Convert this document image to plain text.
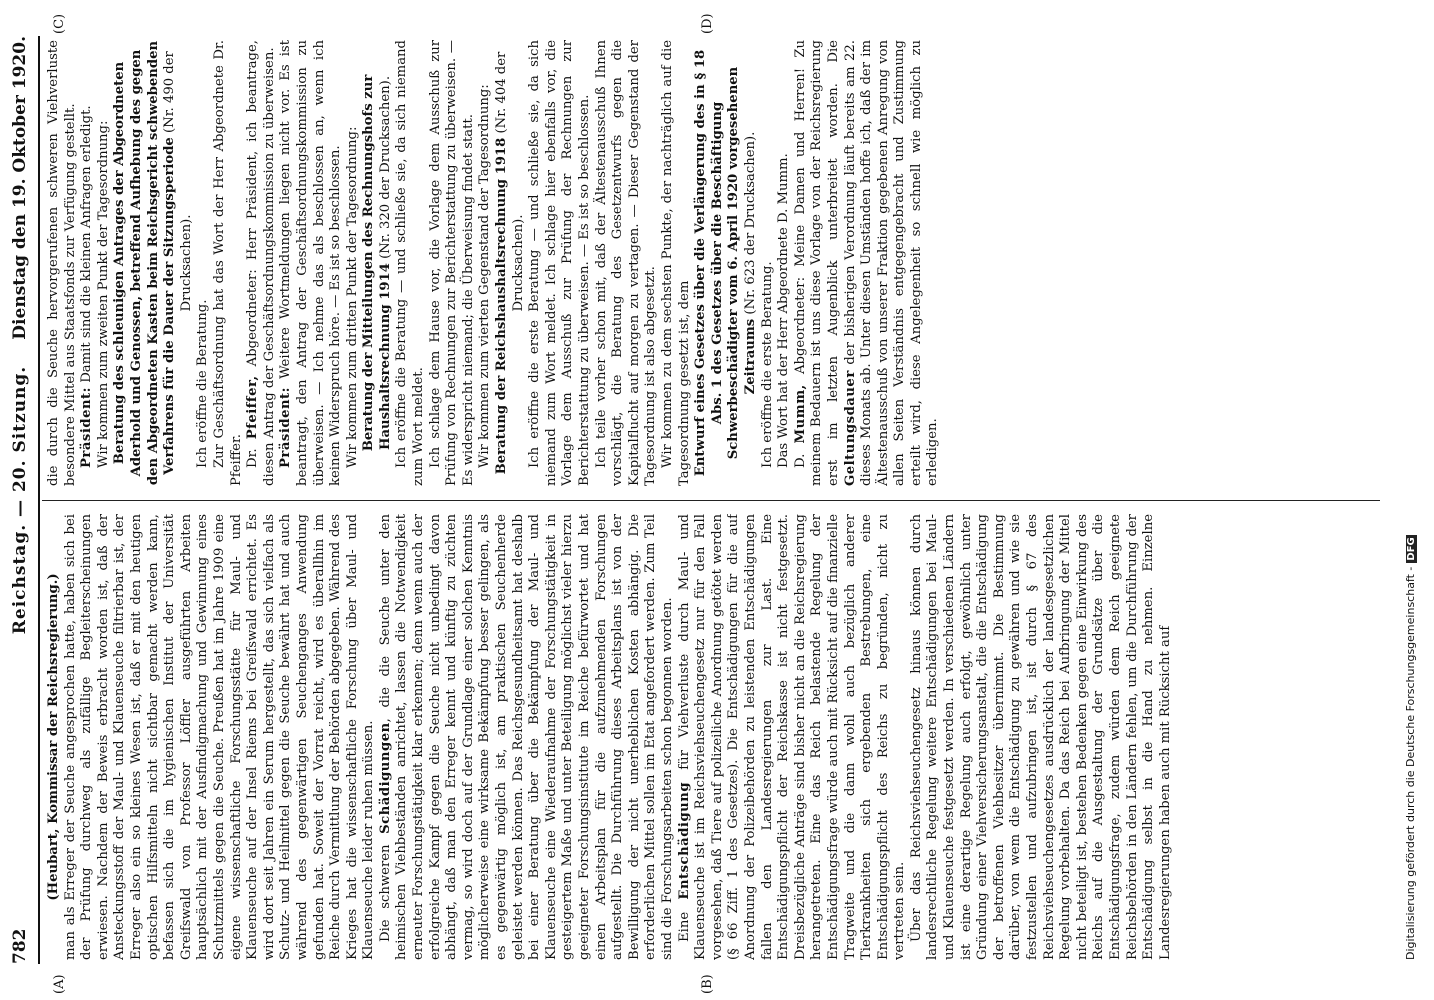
782
Reichstag. — 20. Sitzung.
Dienstag den 19. Oktober 1920.
(A)	(B)
(C)	(D)

(Heubart, Kommissar der Reichsregierung.) man als Erreger der Seuche angesprochen hatte, haben sich bei der Prüfung durchweg als zufällige Begleiterscheinungen erwiesen. Nachdem der Beweis erbracht worden ist, daß der Ansteckungsstoff der Maul- und Klauenseuche filtrierbar ist, der Erreger also ein so kleines Wesen ist, daß er mit den heutigen optischen Hilfsmitteln nicht sichtbar gemacht werden kann, befassen sich die im hygienischen Institut der Universität Greifswald von Professor Löffler ausgeführten Arbeiten hauptsächlich mit der Ausfindigmachung und Gewinnung eines Schutzmittels gegen die Seuche. Preußen hat im Jahre 1909 eine eigene wissenschaftliche Forschungsstätte für Maul- und Klauenseuche auf der Insel Riems bei Greifswald errichtet. Es wird dort seit Jahren ein Serum hergestellt, das sich vielfach als Schutz- und Heilmittel gegen die Seuche bewährt hat und auch während des gegenwärtigen Seuchenganges Anwendung gefunden hat. Soweit der Vorrat reicht, wird es überallhin im Reiche durch Vermittlung der Behörden abgegeben. Während des Krieges hat die wissenschaftliche Forschung über Maul- und Klauenseuche leider ruhen müssen. Die schweren Schädigungen, die die Seuche unter den heimischen Viehbeständen anrichtet, lassen die Notwendigkeit erneuter Forschungstätigkeit klar erkennen; denn wenn auch der erfolgreiche Kampf gegen die Seuche nicht unbedingt davon abhängt, daß man den Erreger kennt und künftig zu züchten vermag, so wird doch auf der Grundlage einer solchen Kenntnis möglicherweise eine wirksame Bekämpfung besser gelingen, als es gegenwärtig möglich ist, am praktischen Seuchenherde geleistet werden können. Das Reichsgesundheitsamt hat deshalb bei einer Beratung über die Bekämpfung der Maul- und Klauenseuche eine Wiederaufnahme der Forschungstätigkeit in gesteigertem Maße und unter Beteiligung möglichst vieler hierzu geeigneter Forschungsinstitute im Reiche befürwortet und hat einen Arbeitsplan für die aufzunehmenden Forschungen aufgestellt. Die Durchführung dieses Arbeitsplans ist von der Bewilligung der nicht unerheblichen Kosten abhängig. Die erforderlichen Mittel sollen im Etat angefordert werden. Zum Teil sind die Forschungsarbeiten schon begonnen worden. Eine Entschädigung für Viehverluste durch Maul- und Klauenseuche ist im Reichsviehseuchengesetz nur für den Fall vorgesehen, daß Tiere auf polizeiliche Anordnung getötet werden (§ 66 Ziff. 1 des Gesetzes). Die Entschädigungen für die auf Anordnung der Polizeibehörden zu leistenden Entschädigungen fallen den Landesregierungen zur Last. Eine Entschädigungspflicht der Reichskasse ist nicht festgesetzt. Dreisbezügliche Anträge sind bisher nicht an die Reichsregierung herangetreten. Eine das Reich belastende Regelung der Entschädigungsfrage würde auch mit Rücksicht auf die finanzielle Tragweite und die dann wohl auch bezüglich anderer Tierkrankheiten sich ergebenden Bestrebungen, eine Entschädigungspflicht des Reichs zu begründen, nicht zu vertreten sein. Über das Reichsviehseuchengesetz hinaus können durch landesrechtliche Regelung weitere Entschädigungen bei Maul- und Klauenseuche festgesetzt werden. In verschiedenen Ländern ist eine derartige Regelung auch erfolgt, gewöhnlich unter Gründung einer Viehversicherungsanstalt, die die Entschädigung der betroffenen Viehbesitzer übernimmt. Die Bestimmung darüber, von wem die Entschädigung zu gewähren und wie sie festzustellen und aufzubringen ist, ist durch § 67 des Reichsviehseuchengesetzes ausdrücklich der landesgesetzlichen Regelung vorbehalten. Da das Reich bei Aufbringung der Mittel nicht beteiligt ist, bestehen Bedenken gegen eine Einwirkung des Reichs auf die Ausgestaltung der Grundsätze über die Entschädigungsfrage, zudem würden dem Reich geeignete Reichsbehörden in den Ländern fehlen, um die Durchführung der Entschädigung selbst in die Hand zu nehmen. Einzelne Landesregierungen haben auch mit Rücksicht auf

die durch die Seuche hervorgerufenen schweren Viehverluste besondere Mittel aus Staatsfonds zur Verfügung gestellt. Präsident: Damit sind die kleinen Anfragen erledigt. Wir kommen zum zweiten Punkt der Tagesordnung: Beratung des schleunigen Antrages der Abgeordneten Aderhold und Genossen, betreffend Aufhebung des gegen den Abgeordneten Kasten beim Reichsgericht schwebenden Verfahrens für die Dauer der Sitzungsperiode (Nr. 490 der Drucksachen).

Ich eröffne die Beratung. Zur Geschäftsordnung hat das Wort der Herr Abgeordnete Dr. Pfeiffer. Dr. Pfeiffer, Abgeordneter: Herr Präsident, ich beantrage, diesen Antrag der Geschäftsordnungskommission zu überweisen. Präsident: Weitere Wortmeldungen liegen nicht vor. Es ist beantragt, den Antrag der Geschäftsordnungskommission zu überweisen. — Ich nehme das als beschlossen an, wenn ich keinen Widerspruch höre. — Es ist so beschlossen. Wir kommen zum dritten Punkt der Tagesordnung: Beratung der Mitteilungen des Rechnungshofs zur Haushaltsrechnung 1914 (Nr. 320 der Drucksachen). Ich eröffne die Beratung — und schließe sie, da sich niemand zum Wort meldet. Ich schlage dem Hause vor, die Vorlage dem Ausschuß zur Prüfung von Rechnungen zur Berichterstattung zu überweisen. — Es widerspricht niemand; die Überweisung findet statt. Wir kommen zum vierten Gegenstand der Tagesordnung: Beratung der Reichshaushaltsrechnung 1918 (Nr. 404 der Drucksachen). Ich eröffne die erste Beratung — und schließe sie, da sich niemand zum Wort meldet. Ich schlage hier ebenfalls vor, die Vorlage dem Ausschuß zur Prüfung der Rechnungen zur Berichterstattung zu überweisen. — Es ist so beschlossen. Ich teile vorher schon mit, daß der Ältestenausschuß Ihnen vorschlägt, die Beratung des Gesetzentwurfs gegen die Kapitalflucht auf morgen zu vertagen. — Dieser Gegenstand der Tagesordnung ist also abgesetzt. Wir kommen zu dem sechsten Punkte, der nachträglich auf die Tagesordnung gesetzt ist, dem Entwurf eines Gesetzes über die Verlängerung des in § 18 Abs. 1 des Gesetzes über die Beschäftigung Schwerbeschädigter vom 6. April 1920 vorgesehenen Zeitraums (Nr. 623 der Drucksachen).

Ich eröffne die erste Beratung. Das Wort hat der Herr Abgeordnete D. Mumm. D. Mumm, Abgeordneter: Meine Damen und Herren! Zu meinem Bedauern ist uns diese Vorlage von der Reichsregierung erst im letzten Augenblick unterbreitet worden. Die Geltungsdauer der bisherigen Verordnung läuft bereits am 22. dieses Monats ab. Unter diesen Umständen hoffe ich, daß der im Ältestenausschuß von unserer Fraktion gegebenen Anregung von allen Seiten Verständnis entgegengebracht und Zustimmung erteilt wird, diese Angelegenheit so schnell wie möglich zu erledigen.

Digitalisierung gefördert durch die Deutsche Forschungsgemeinschaft -DFG
